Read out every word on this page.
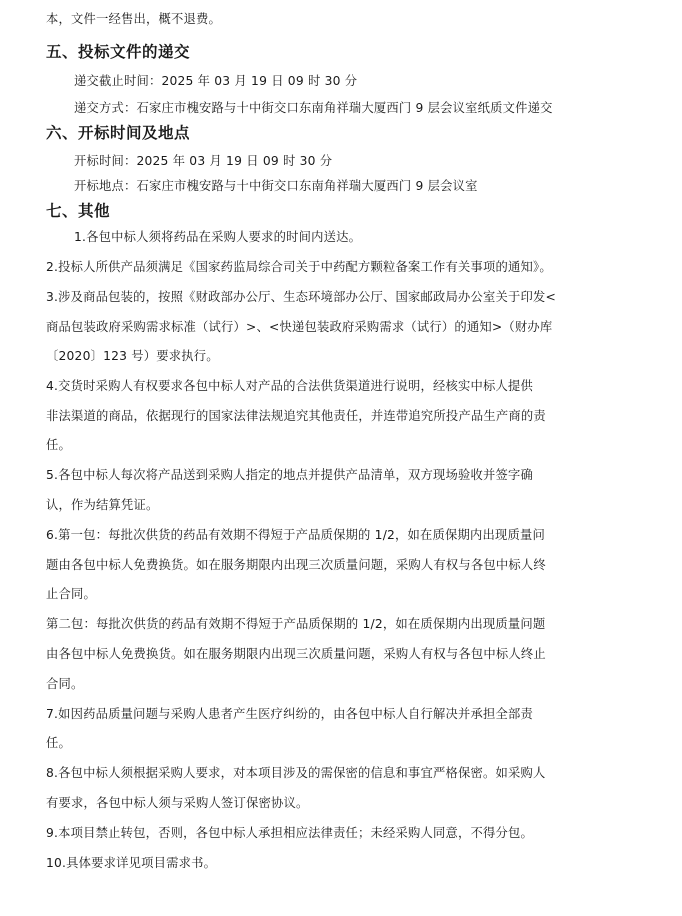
本，文件一经售出，概不退费。
五、投标文件的递交
递交截止时间：2025 年 03 月 19 日 09 时 30 分
递交方式：石家庄市槐安路与十中街交口东南角祥瑞大厦西门 9 层会议室纸质文件递交
六、开标时间及地点
开标时间：2025 年 03 月 19 日 09 时 30 分
开标地点：石家庄市槐安路与十中街交口东南角祥瑞大厦西门 9 层会议室
七、其他
1.各包中标人须将药品在采购人要求的时间内送达。
2.投标人所供产品须满足《国家药监局综合司关于中药配方颗粒备案工作有关事项的通知》。
3.涉及商品包装的，按照《财政部办公厅、生态环境部办公厅、国家邮政局办公室关于印发<
商品包装政府采购需求标准（试行）>、<快递包装政府采购需求（试行）的通知>（财办库
〔2020〕123 号）要求执行。
4.交货时采购人有权要求各包中标人对产品的合法供货渠道进行说明，经核实中标人提供
非法渠道的商品，依据现行的国家法律法规追究其他责任，并连带追究所投产品生产商的责
任。
5.各包中标人每次将产品送到采购人指定的地点并提供产品清单，双方现场验收并签字确
认，作为结算凭证。
6.第一包：每批次供货的药品有效期不得短于产品质保期的 1/2，如在质保期内出现质量问
题由各包中标人免费换货。如在服务期限内出现三次质量问题，采购人有权与各包中标人终
止合同。
第二包：每批次供货的药品有效期不得短于产品质保期的 1/2，如在质保期内出现质量问题
由各包中标人免费换货。如在服务期限内出现三次质量问题，采购人有权与各包中标人终止
合同。
7.如因药品质量问题与采购人患者产生医疗纠纷的，由各包中标人自行解决并承担全部责
任。
8.各包中标人须根据采购人要求，对本项目涉及的需保密的信息和事宜严格保密。如采购人
有要求，各包中标人须与采购人签订保密协议。
9.本项目禁止转包，否则，各包中标人承担相应法律责任；未经采购人同意，不得分包。
10.具体要求详见项目需求书。
